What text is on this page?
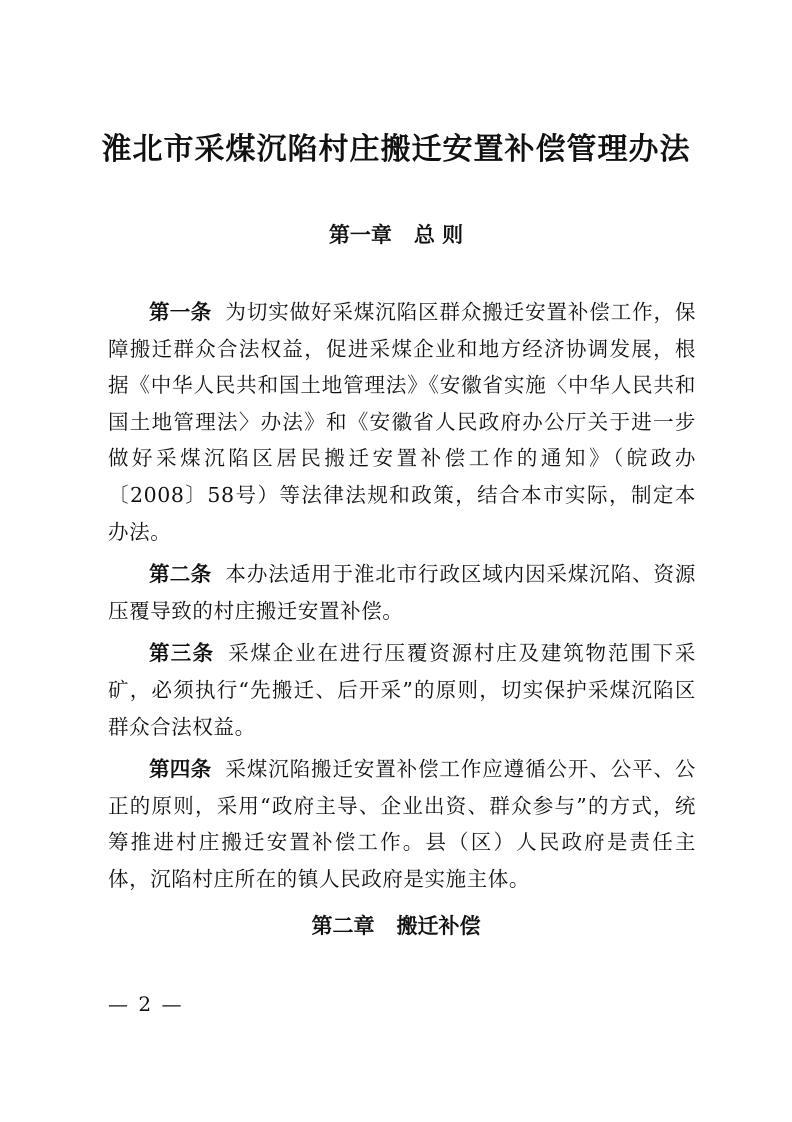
淮北市采煤沉陷村庄搬迁安置补偿管理办法
第一章 总 则

第一条 为切实做好采煤沉陷区群众搬迁安置补偿工作，保障搬迁群众合法权益，促进采煤企业和地方经济协调发展，根据《中华人民共和国土地管理法》《安徽省实施〈中华人民共和国土地管理法〉办法》和《安徽省人民政府办公厅关于进一步做好采煤沉陷区居民搬迁安置补偿工作的通知》（皖政办〔2008〕58号）等法律法规和政策，结合本市实际，制定本办法。

第二条 本办法适用于淮北市行政区域内因采煤沉陷、资源压覆导致的村庄搬迁安置补偿。

第三条 采煤企业在进行压覆资源村庄及建筑物范围下采矿，必须执行“先搬迁、后开采”的原则，切实保护采煤沉陷区群众合法权益。

第四条 采煤沉陷搬迁安置补偿工作应遵循公开、公平、公正的原则，采用“政府主导、企业出资、群众参与”的方式，统筹推进村庄搬迁安置补偿工作。县（区）人民政府是责任主体，沉陷村庄所在的镇人民政府是实施主体。

第二章 搬迁补偿
— 2 —
